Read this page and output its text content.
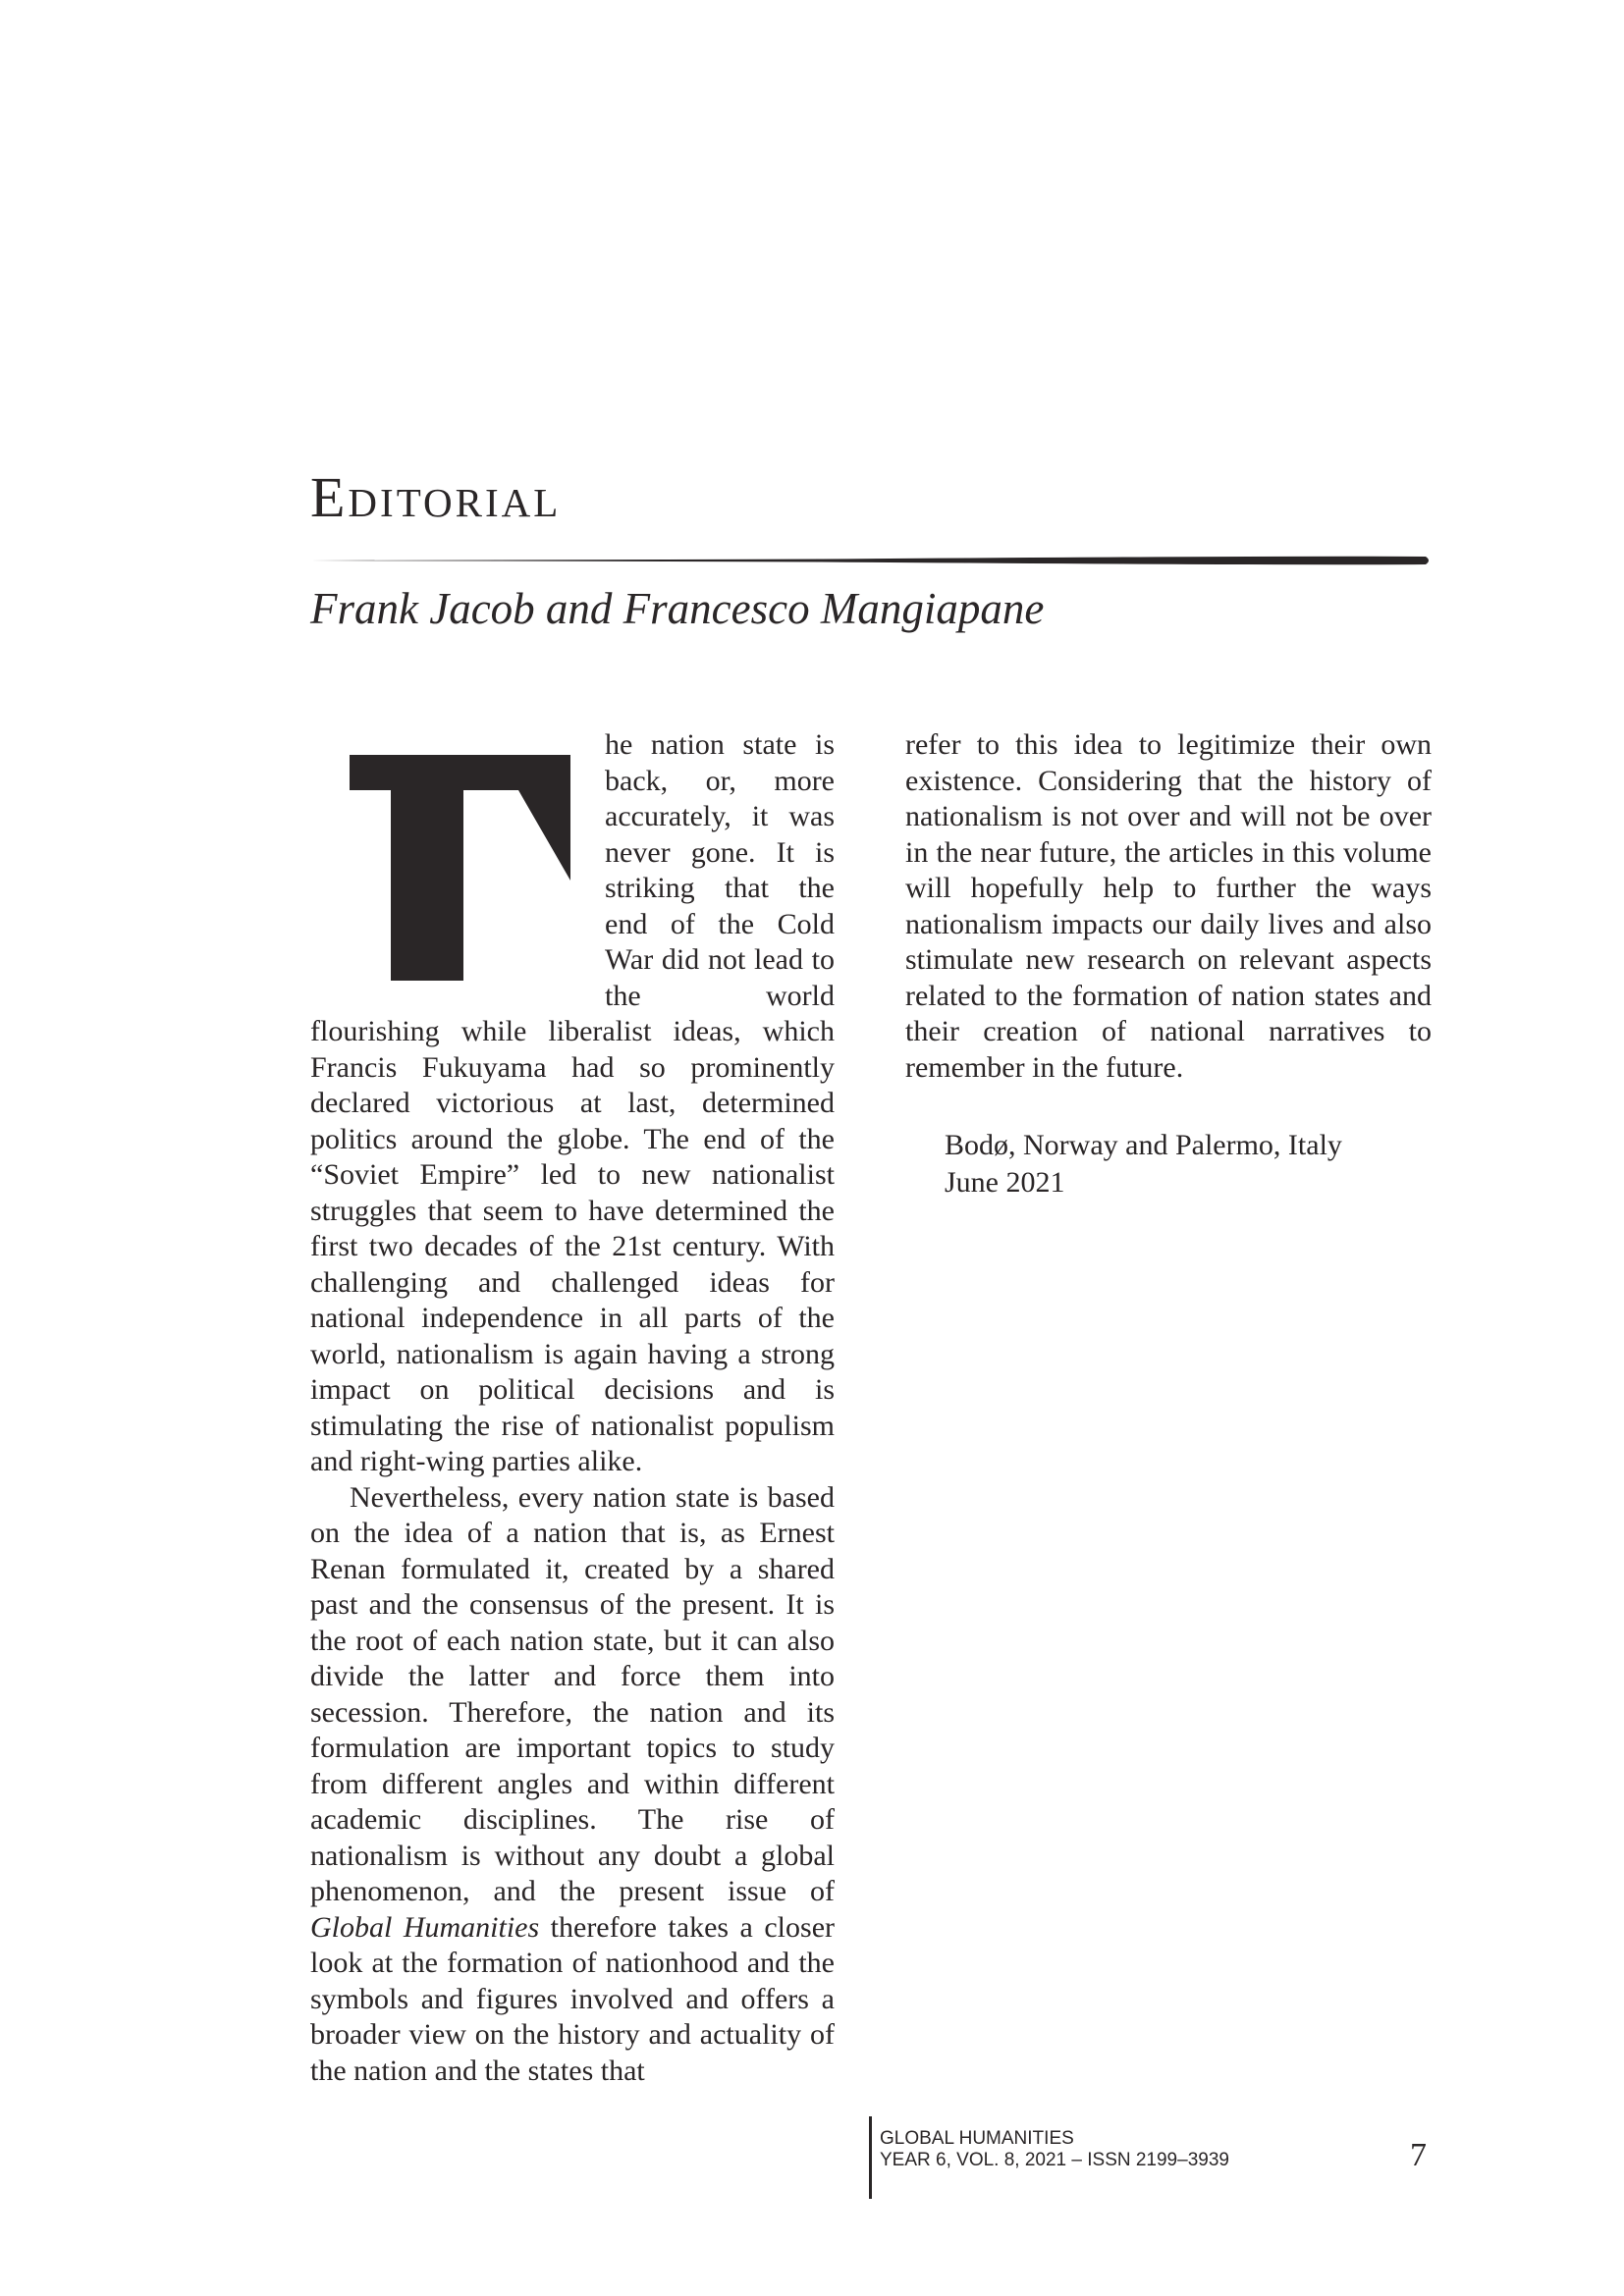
Editorial
Frank Jacob and Francesco Mangiapane

he nation state is back, or, more accurately, it was never gone. It is striking that the end of the Cold War did not lead to the world flourishing while liberalist ideas, which Francis Fukuyama had so prominently declared victorious at last, determined politics around the globe. The end of the “Soviet Empire” led to new nationalist struggles that seem to have determined the first two decades of the 21st century. With challenging and challenged ideas for national independence in all parts of the world, nationalism is again having a strong impact on political decisions and is stimulating the rise of nationalist populism and right-wing parties alike.

Nevertheless, every nation state is based on the idea of a nation that is, as Ernest Renan formulated it, created by a shared past and the consensus of the present. It is the root of each nation state, but it can also divide the latter and force them into secession. Therefore, the nation and its formulation are important topics to study from different angles and within different academic disciplines. The rise of nationalism is without any doubt a global phenomenon, and the present issue of Global Humanities therefore takes a closer look at the formation of nationhood and the symbols and figures involved and offers a broader view on the history and actuality of the nation and the states that

refer to this idea to legitimize their own existence. Considering that the history of nationalism is not over and will not be over in the near future, the articles in this volume will hopefully help to further the ways nationalism impacts our daily lives and also stimulate new research on relevant aspects related to the formation of nation states and their creation of national narratives to remember in the future.

Bodø, Norway and Palermo, Italy
June 2021
GLOBAL HUMANITIES
YEAR 6, VOL. 8, 2021 – ISSN 2199–3939	7
